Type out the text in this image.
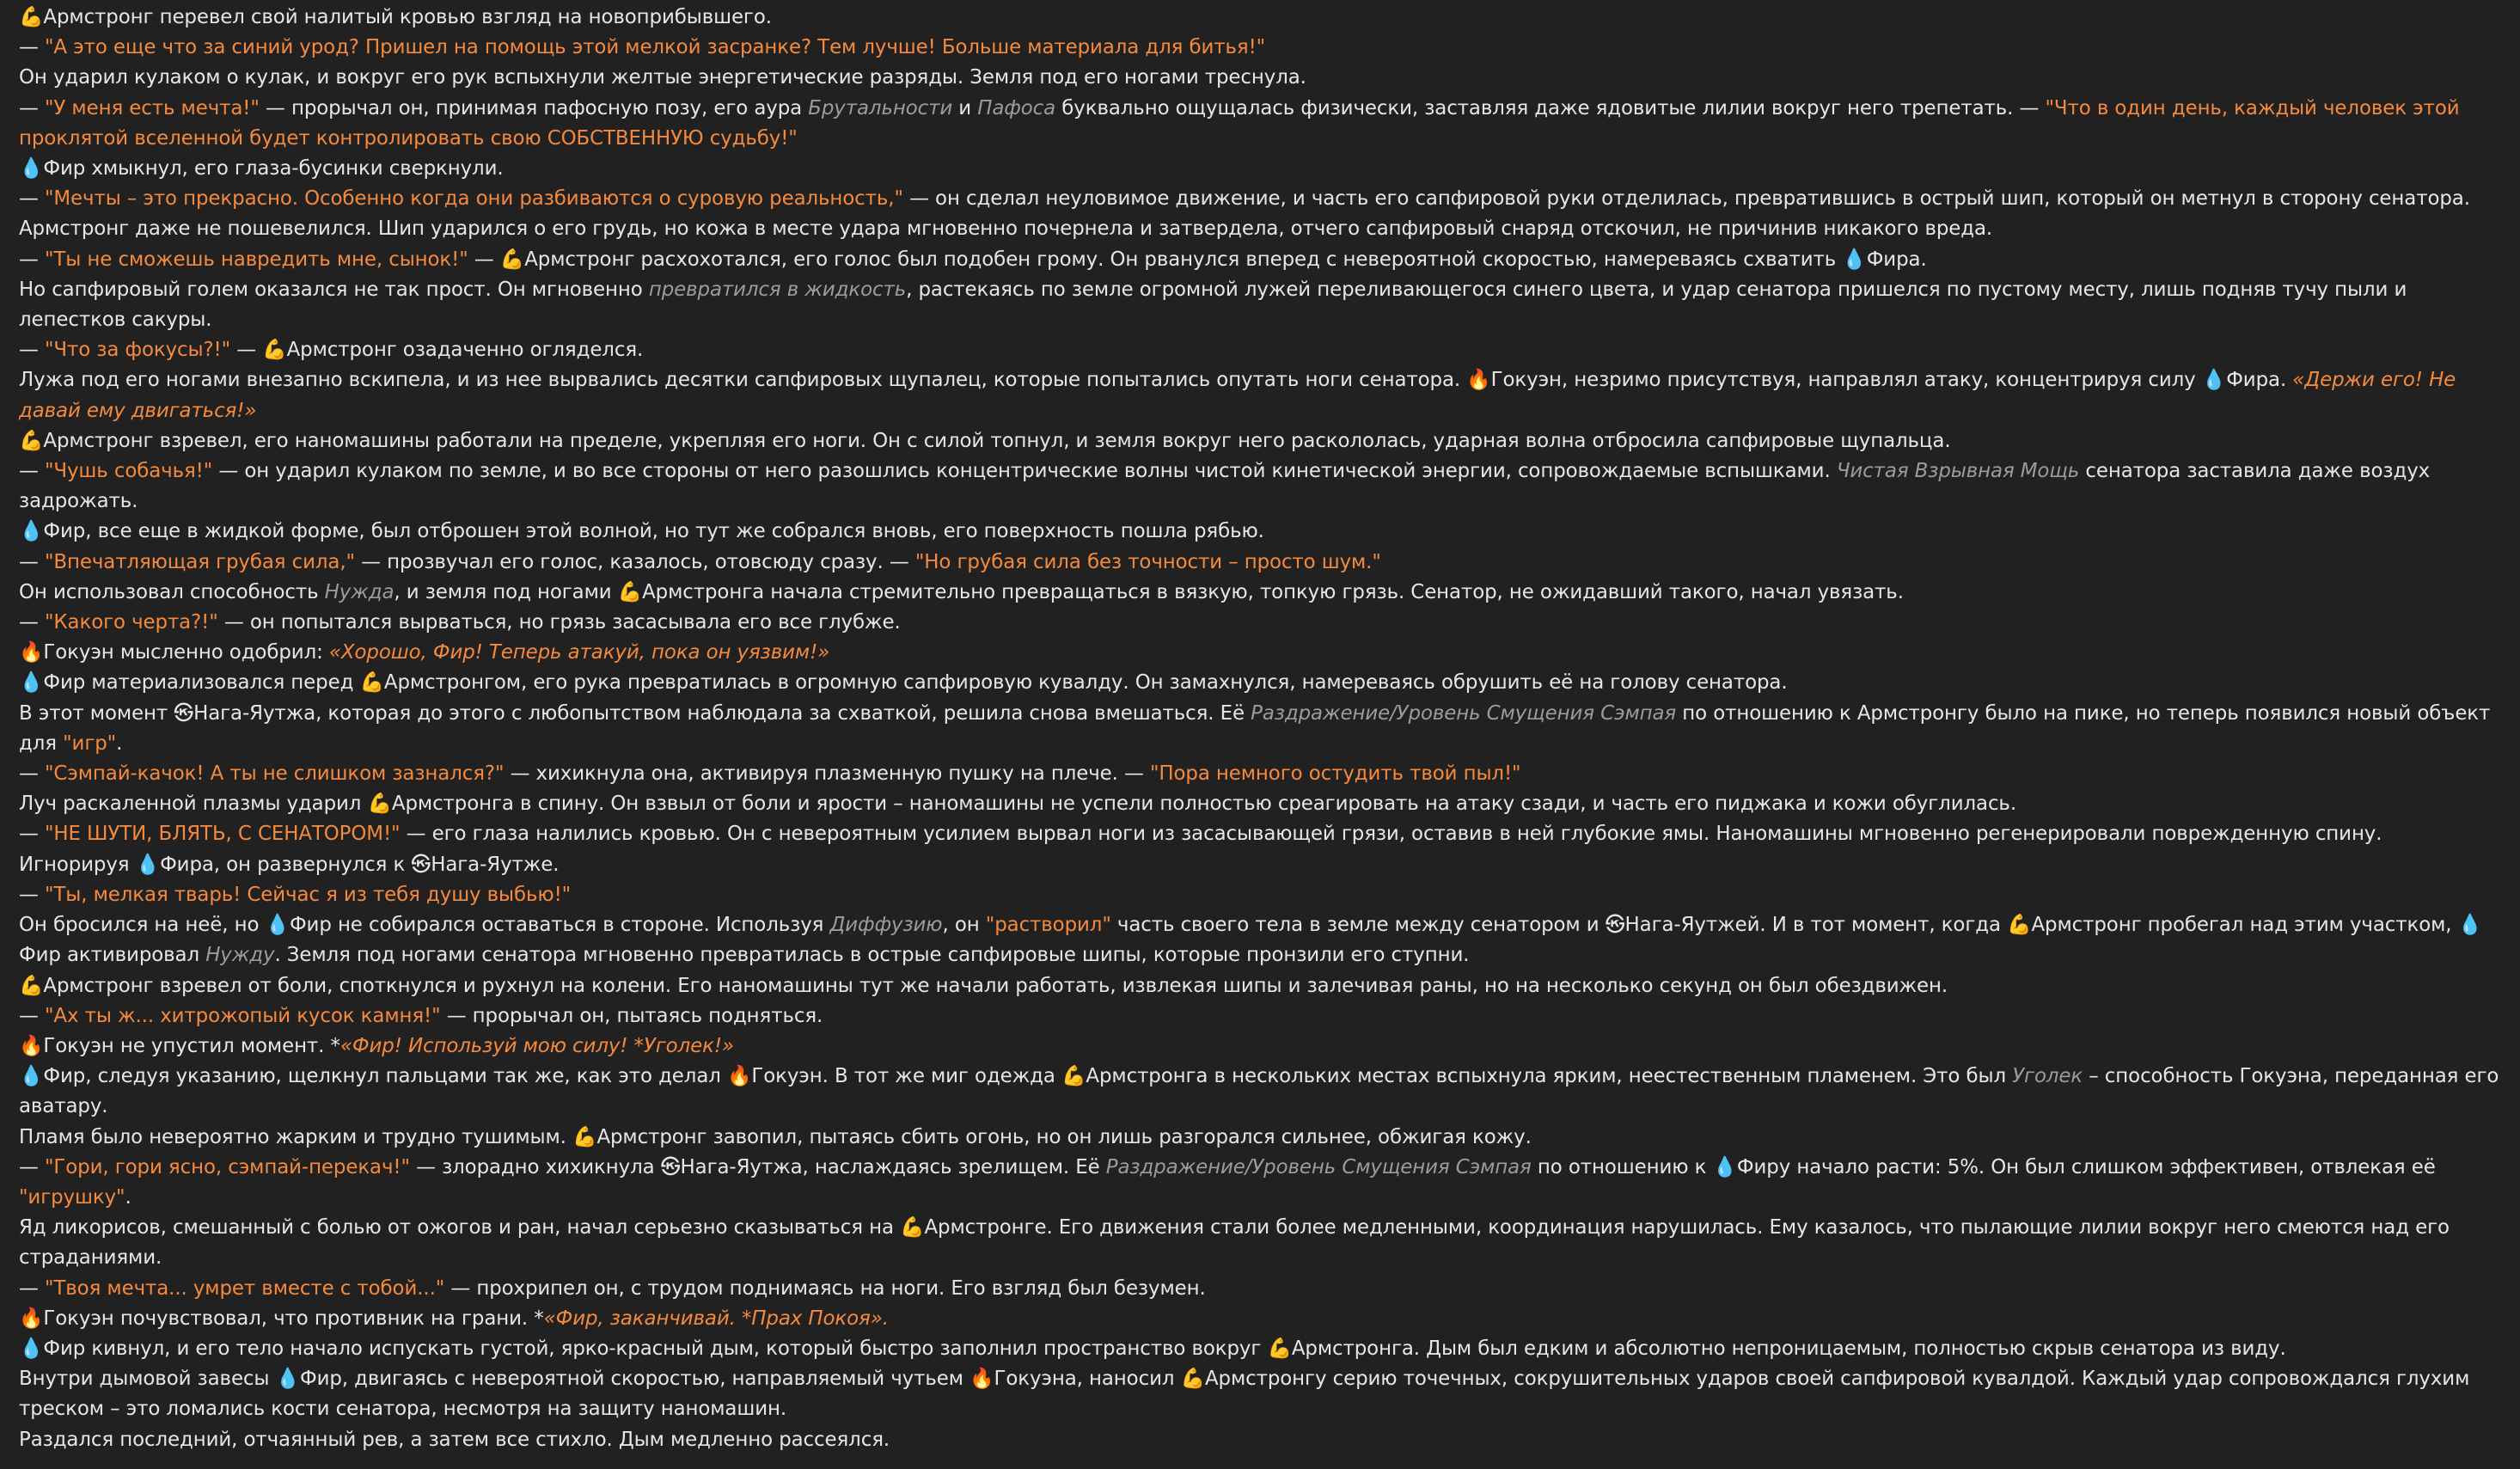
💪Армстронг перевел свой налитый кровью взгляд на новоприбывшего.

— "А это еще что за синий урод? Пришел на помощь этой мелкой засранке? Тем лучше! Больше материала для битья!"

Он ударил кулаком о кулак, и вокруг его рук вспыхнули желтые энергетические разряды. Земля под его ногами треснула.

— "У меня есть мечта!" — прорычал он, принимая пафосную позу, его аура Брутальности и Пафоса буквально ощущалась физически, заставляя даже ядовитые лилии вокруг него трепетать. — "Что в один день, каждый человек этой проклятой вселенной будет контролировать свою СОБСТВЕННУЮ судьбу!"

💧Фир хмыкнул, его глаза-бусинки сверкнули.

— "Мечты – это прекрасно. Особенно когда они разбиваются о суровую реальность," — он сделал неуловимое движение, и часть его сапфировой руки отделилась, превратившись в острый шип, который он метнул в сторону сенатора.

Армстронг даже не пошевелился. Шип ударился о его грудь, но кожа в месте удара мгновенно почернела и затвердела, отчего сапфировый снаряд отскочил, не причинив никакого вреда.

— "Ты не сможешь навредить мне, сынок!" — 💪Армстронг расхохотался, его голос был подобен грому. Он рванулся вперед с невероятной скоростью, намереваясь схватить 💧Фира.

Но сапфировый голем оказался не так прост. Он мгновенно превратился в жидкость, растекаясь по земле огромной лужей переливающегося синего цвета, и удар сенатора пришелся по пустому месту, лишь подняв тучу пыли и лепестков сакуры.

— "Что за фокусы?!" — 💪Армстронг озадаченно огляделся.

Лужа под его ногами внезапно вскипела, и из нее вырвались десятки сапфировых щупалец, которые попытались опутать ноги сенатора. 🔥Гокуэн, незримо присутствуя, направлял атаку, концентрируя силу 💧Фира. «Держи его! Не давай ему двигаться!»

💪Армстронг взревел, его наномашины работали на пределе, укрепляя его ноги. Он с силой топнул, и земля вокруг него раскололась, ударная волна отбросила сапфировые щупальца.

— "Чушь собачья!" — он ударил кулаком по земле, и во все стороны от него разошлись концентрические волны чистой кинетической энергии, сопровождаемые вспышками. Чистая Взрывная Мощь сенатора заставила даже воздух задрожать.

💧Фир, все еще в жидкой форме, был отброшен этой волной, но тут же собрался вновь, его поверхность пошла рябью.

— "Впечатляющая грубая сила," — прозвучал его голос, казалось, отовсюду сразу. — "Но грубая сила без точности – просто шум."

Он использовал способность Нужда, и земля под ногами 💪Армстронга начала стремительно превращаться в вязкую, топкую грязь. Сенатор, не ожидавший такого, начал увязать.

— "Какого черта?!" — он попытался вырваться, но грязь засасывала его все глубже.

🔥Гокуэн мысленно одобрил: «Хорошо, Фир! Теперь атакуй, пока он уязвим!»

💧Фир материализовался перед 💪Армстронгом, его рука превратилась в огромную сапфировую кувалду. Он замахнулся, намереваясь обрушить её на голову сенатора.

В этот момент ㉿Нага-Яутжа, которая до этого с любопытством наблюдала за схваткой, решила снова вмешаться. Её Раздражение/Уровень Смущения Сэмпая по отношению к Армстронгу было на пике, но теперь появился новый объект для "игр".

— "Сэмпай-качок! А ты не слишком зазнался?" — хихикнула она, активируя плазменную пушку на плече. — "Пора немного остудить твой пыл!"

Луч раскаленной плазмы ударил 💪Армстронга в спину. Он взвыл от боли и ярости – наномашины не успели полностью среагировать на атаку сзади, и часть его пиджака и кожи обуглилась.

— "НЕ ШУТИ, БЛЯТЬ, С СЕНАТОРОМ!" — его глаза налились кровью. Он с невероятным усилием вырвал ноги из засасывающей грязи, оставив в ней глубокие ямы. Наномашины мгновенно регенерировали поврежденную спину.

Игнорируя 💧Фира, он развернулся к ㉿Нага-Яутже.

— "Ты, мелкая тварь! Сейчас я из тебя душу выбью!"

Он бросился на неё, но 💧Фир не собирался оставаться в стороне. Используя Диффузию, он "растворил" часть своего тела в земле между сенатором и ㉿Нага-Яутжей. И в тот момент, когда 💪Армстронг пробегал над этим участком, 💧Фир активировал Нужду. Земля под ногами сенатора мгновенно превратилась в острые сапфировые шипы, которые пронзили его ступни.

💪Армстронг взревел от боли, споткнулся и рухнул на колени. Его наномашины тут же начали работать, извлекая шипы и залечивая раны, но на несколько секунд он был обездвижен.

— "Ах ты ж... хитрожопый кусок камня!" — прорычал он, пытаясь подняться.

🔥Гокуэн не упустил момент. *«Фир! Используй мою силу! *Уголек!»

💧Фир, следуя указанию, щелкнул пальцами так же, как это делал 🔥Гокуэн. В тот же миг одежда 💪Армстронга в нескольких местах вспыхнула ярким, неестественным пламенем. Это был Уголек – способность Гокуэна, переданная его аватару.

Пламя было невероятно жарким и трудно тушимым. 💪Армстронг завопил, пытаясь сбить огонь, но он лишь разгорался сильнее, обжигая кожу.

— "Гори, гори ясно, сэмпай-перекач!" — злорадно хихикнула ㉿Нага-Яутжа, наслаждаясь зрелищем. Её Раздражение/Уровень Смущения Сэмпая по отношению к 💧Фиру начало расти: 5%. Он был слишком эффективен, отвлекая её "игрушку".

Яд ликорисов, смешанный с болью от ожогов и ран, начал серьезно сказываться на 💪Армстронге. Его движения стали более медленными, координация нарушилась. Ему казалось, что пылающие лилии вокруг него смеются над его страданиями.

— "Твоя мечта... умрет вместе с тобой..." — прохрипел он, с трудом поднимаясь на ноги. Его взгляд был безумен.

🔥Гокуэн почувствовал, что противник на грани. *«Фир, заканчивай. *Прах Покоя».

💧Фир кивнул, и его тело начало испускать густой, ярко-красный дым, который быстро заполнил пространство вокруг 💪Армстронга. Дым был едким и абсолютно непроницаемым, полностью скрыв сенатора из виду.

Внутри дымовой завесы 💧Фир, двигаясь с невероятной скоростью, направляемый чутьем 🔥Гокуэна, наносил 💪Армстронгу серию точечных, сокрушительных ударов своей сапфировой кувалдой. Каждый удар сопровождался глухим треском – это ломались кости сенатора, несмотря на защиту наномашин.

Раздался последний, отчаянный рев, а затем все стихло. Дым медленно рассеялся.
